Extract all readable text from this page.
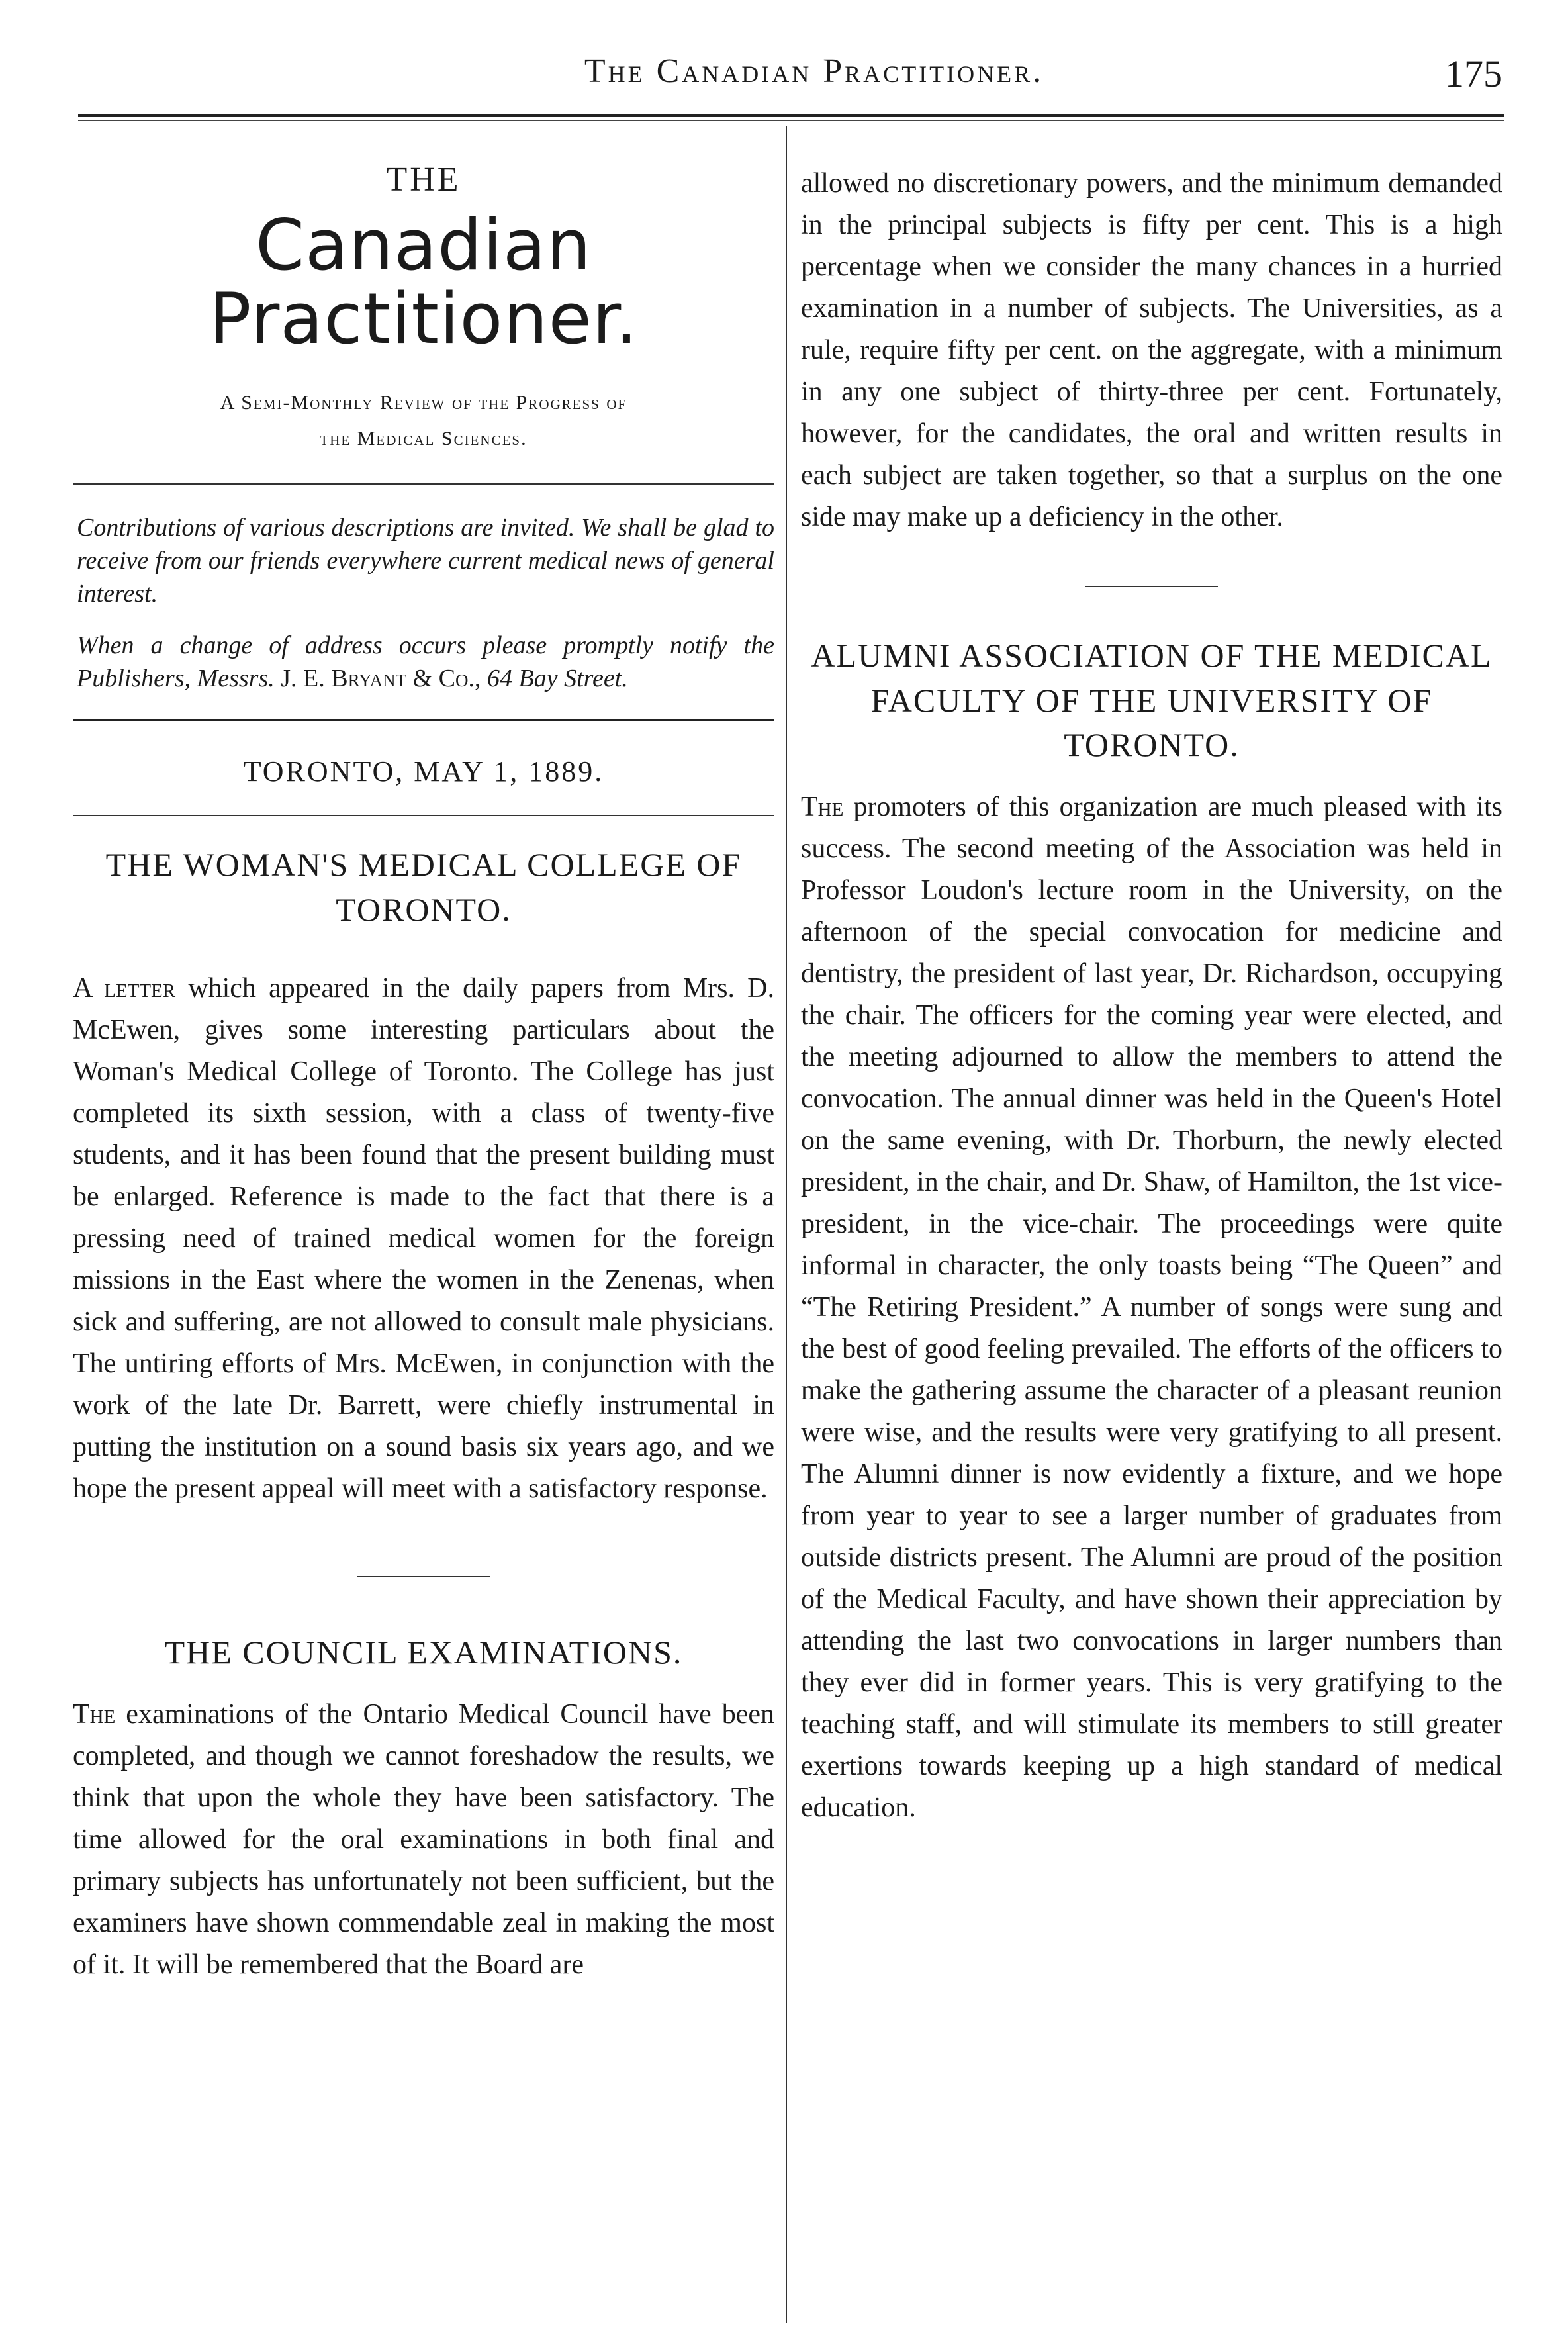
The Canadian Practitioner.	175
THE
Canadian Practitioner.
A Semi-Monthly Review of the Progress of
the Medical Sciences.
Contributions of various descriptions are invited. We shall be glad to receive from our friends everywhere current medical news of general interest.
When a change of address occurs please promptly notify the Publishers, Messrs. J. E. Bryant & Co., 64 Bay Street.
TORONTO, MAY 1, 1889.
THE WOMAN'S MEDICAL COLLEGE OF TORONTO.
A letter which appeared in the daily papers from Mrs. D. McEwen, gives some interesting particulars about the Woman's Medical College of Toronto. The College has just completed its sixth session, with a class of twenty-five students, and it has been found that the present building must be enlarged. Reference is made to the fact that there is a pressing need of trained medical women for the foreign missions in the East where the women in the Zenenas, when sick and suffering, are not allowed to consult male physicians. The untiring efforts of Mrs. McEwen, in conjunction with the work of the late Dr. Barrett, were chiefly instrumental in putting the institution on a sound basis six years ago, and we hope the present appeal will meet with a satisfactory response.
THE COUNCIL EXAMINATIONS.
The examinations of the Ontario Medical Council have been completed, and though we cannot foreshadow the results, we think that upon the whole they have been satisfactory. The time allowed for the oral examinations in both final and primary subjects has unfortunately not been sufficient, but the examiners have shown commendable zeal in making the most of it. It will be remembered that the Board are
allowed no discretionary powers, and the minimum demanded in the principal subjects is fifty per cent. This is a high percentage when we consider the many chances in a hurried examination in a number of subjects. The Universities, as a rule, require fifty per cent. on the aggregate, with a minimum in any one subject of thirty-three per cent. Fortunately, however, for the candidates, the oral and written results in each subject are taken together, so that a surplus on the one side may make up a deficiency in the other.
ALUMNI ASSOCIATION OF THE MEDICAL FACULTY OF THE UNIVERSITY OF TORONTO.
The promoters of this organization are much pleased with its success. The second meeting of the Association was held in Professor Loudon's lecture room in the University, on the afternoon of the special convocation for medicine and dentistry, the president of last year, Dr. Richardson, occupying the chair. The officers for the coming year were elected, and the meeting adjourned to allow the members to attend the convocation. The annual dinner was held in the Queen's Hotel on the same evening, with Dr. Thorburn, the newly elected president, in the chair, and Dr. Shaw, of Hamilton, the 1st vice-president, in the vice-chair. The proceedings were quite informal in character, the only toasts being “The Queen” and “The Retiring President.” A number of songs were sung and the best of good feeling prevailed. The efforts of the officers to make the gathering assume the character of a pleasant reunion were wise, and the results were very gratifying to all present. The Alumni dinner is now evidently a fixture, and we hope from year to year to see a larger number of graduates from outside districts present. The Alumni are proud of the position of the Medical Faculty, and have shown their appreciation by attending the last two convocations in larger numbers than they ever did in former years. This is very gratifying to the teaching staff, and will stimulate its members to still greater exertions towards keeping up a high standard of medical education.
